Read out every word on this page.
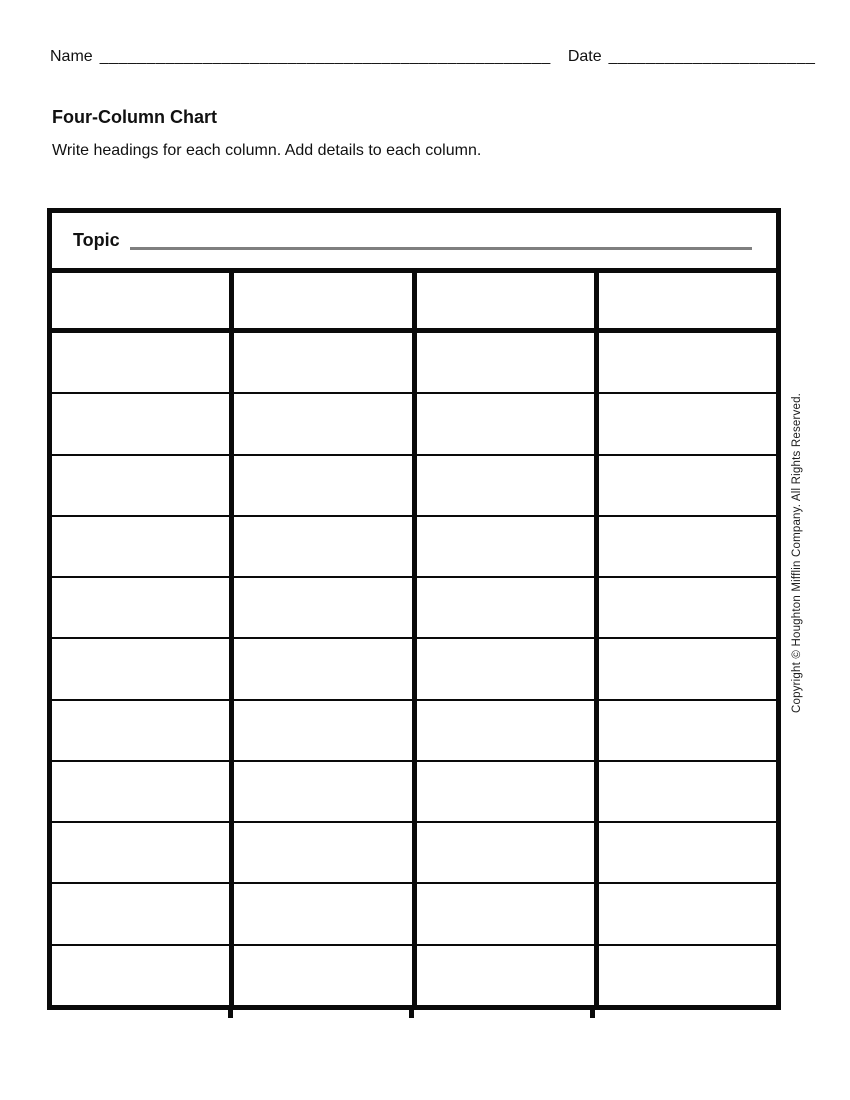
Name ________________________________________________ Date ______________________
Four-Column Chart

Write headings for each column. Add details to each column.

Topic
Copyright © Houghton Mifflin Company. All Rights Reserved.
